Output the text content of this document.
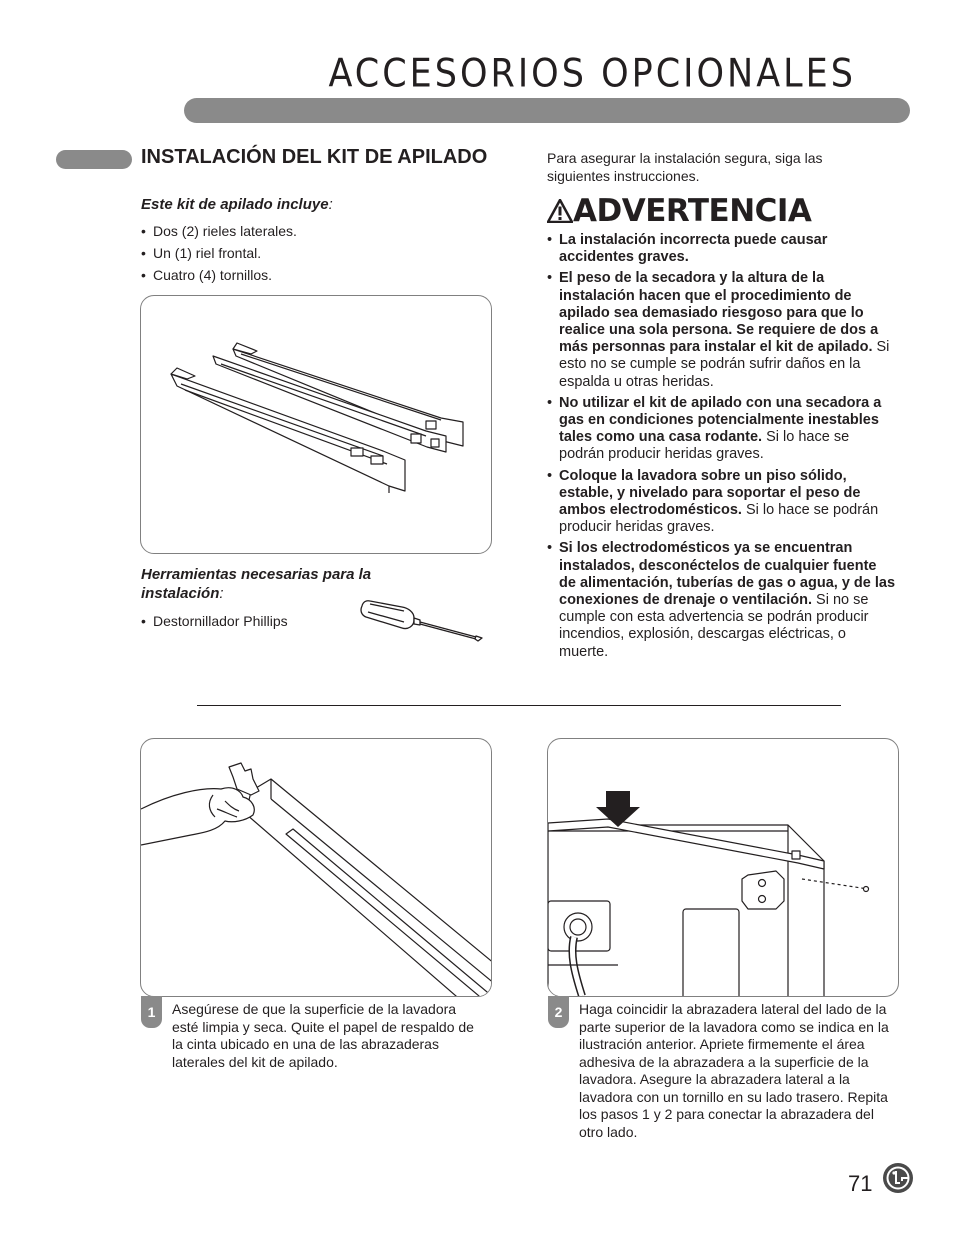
ACCESORIOS OPCIONALES
INSTALACIÓN DEL KIT DE APILADO
Este kit de apilado incluye:
• Dos (2) rieles laterales.
• Un (1) riel frontal.
• Cuatro (4) tornillos.
Herramientas necesarias para la instalación:
• Destornillador Phillips
Para asegurar la instalación segura, siga las siguientes instrucciones.
ADVERTENCIA
• La instalación incorrecta puede causar accidentes graves.
• El peso de la secadora y la altura de la instalación hacen que el procedimiento de apilado sea demasiado riesgoso para que lo realice una sola persona. Se requiere de dos a más personnas para instalar el kit de apilado. Si esto no se cumple se podrán sufrir daños en la espalda u otras heridas.
• No utilizar el kit de apilado con una secadora a gas en condiciones potencialmente inestables tales como una casa rodante. Si lo hace se podrán producir heridas graves.
• Coloque la lavadora sobre un piso sólido, estable, y nivelado para soportar el peso de ambos electrodomésticos. Si lo hace se podrán producir heridas graves.
• Si los electrodomésticos ya se encuentran instalados, desconéctelos de cualquier fuente de alimentación, tuberías de gas o agua, y de las conexiones de drenaje o ventilación. Si no se cumple con esta advertencia se podrán producir incendios, explosión, descargas eléctricas, o muerte.
1	Asegúrese de que la superficie de la lavadora esté limpia y seca. Quite el papel de respaldo de la cinta ubicado en una de las abrazaderas laterales del kit de apilado.
2	Haga coincidir la abrazadera lateral del lado de la parte superior de la lavadora como se indica en la ilustración anterior. Apriete firmemente el área adhesiva de la abrazadera a la superficie de la lavadora. Asegure la abrazadera lateral a la lavadora con un tornillo en su lado trasero. Repita los pasos 1 y 2 para conectar la abrazadera del otro lado.
71	LG
